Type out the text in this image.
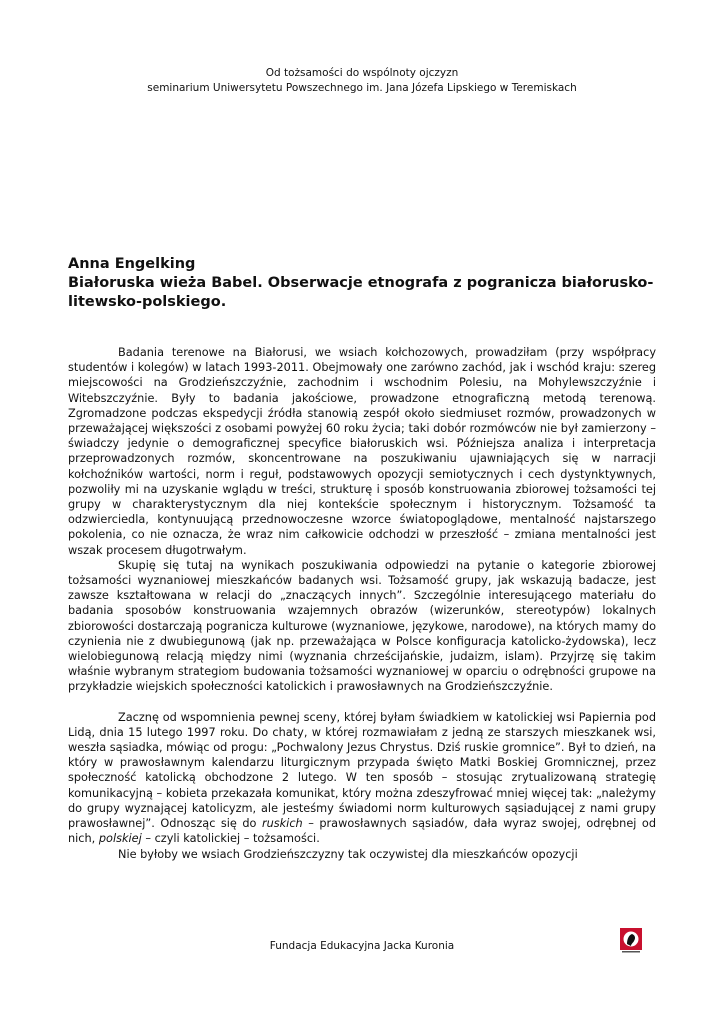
Od tożsamości do wspólnoty ojczyzn
seminarium Uniwersytetu Powszechnego im. Jana Józefa Lipskiego w Teremiskach
Anna Engelking
Białoruska wieża Babel. Obserwacje etnografa z pogranicza białorusko-litewsko-polskiego.

Badania terenowe na Białorusi, we wsiach kołchozowych, prowadziłam (przy współpracy studentów i kolegów) w latach 1993-2011. Obejmowały one zarówno zachód, jak i wschód kraju: szereg miejscowości na Grodzieńszczyźnie, zachodnim i wschodnim Polesiu, na Mohylewszczyźnie i Witebszczyźnie. Były to badania jakościowe, prowadzone etnograficzną metodą terenową. Zgromadzone podczas ekspedycji źródła stanowią zespół około siedmiuset rozmów, prowadzonych w przeważającej większości z osobami powyżej 60 roku życia; taki dobór rozmówców nie był zamierzony – świadczy jedynie o demograficznej specyfice białoruskich wsi. Późniejsza analiza i interpretacja przeprowadzonych rozmów, skoncentrowane na poszukiwaniu ujawniających się w narracji kołchoźników wartości, norm i reguł, podstawowych opozycji semiotycznych i cech dystynktywnych, pozwoliły mi na uzyskanie wglądu w treści, strukturę i sposób konstruowania zbiorowej tożsamości tej grupy w charakterystycznym dla niej kontekście społecznym i historycznym. Tożsamość ta odzwierciedla, kontynuującą przednowoczesne wzorce światopoglądowe, mentalność najstarszego pokolenia, co nie oznacza, że wraz nim całkowicie odchodzi w przeszłość – zmiana mentalności jest wszak procesem długotrwałym.

Skupię się tutaj na wynikach poszukiwania odpowiedzi na pytanie o kategorie zbiorowej tożsamości wyznaniowej mieszkańców badanych wsi. Tożsamość grupy, jak wskazują badacze, jest zawsze kształtowana w relacji do „znaczących innych”. Szczególnie interesującego materiału do badania sposobów konstruowania wzajemnych obrazów (wizerunków, stereotypów) lokalnych zbiorowości dostarczają pogranicza kulturowe (wyznaniowe, językowe, narodowe), na których mamy do czynienia nie z dwubiegunową (jak np. przeważająca w Polsce konfiguracja katolicko-żydowska), lecz wielobiegunową relacją między nimi (wyznania chrześcijańskie, judaizm, islam). Przyjrzę się takim właśnie wybranym strategiom budowania tożsamości wyznaniowej w oparciu o odrębności grupowe na przykładzie wiejskich społeczności katolickich i prawosławnych na Grodzieńszczyźnie.

Zacznę od wspomnienia pewnej sceny, której byłam świadkiem w katolickiej wsi Papiernia pod Lidą, dnia 15 lutego 1997 roku. Do chaty, w której rozmawiałam z jedną ze starszych mieszkanek wsi, weszła sąsiadka, mówiąc od progu: „Pochwalony Jezus Chrystus. Dziś ruskie gromnice”. Był to dzień, na który w prawosławnym kalendarzu liturgicznym przypada święto Matki Boskiej Gromnicznej, przez społeczność katolicką obchodzone 2 lutego. W ten sposób – stosując zrytualizowaną strategię komunikacyjną – kobieta przekazała komunikat, który można zdeszyfrować mniej więcej tak: „należymy do grupy wyznającej katolicyzm, ale jesteśmy świadomi norm kulturowych sąsiadującej z nami grupy prawosławnej”. Odnosząc się do ruskich – prawosławnych sąsiadów, dała wyraz swojej, odrębnej od nich, polskiej – czyli katolickiej – tożsamości.

Nie byłoby we wsiach Grodzieńszczyzny tak oczywistej dla mieszkańców opozycji

Fundacja Edukacyjna Jacka Kuronia
